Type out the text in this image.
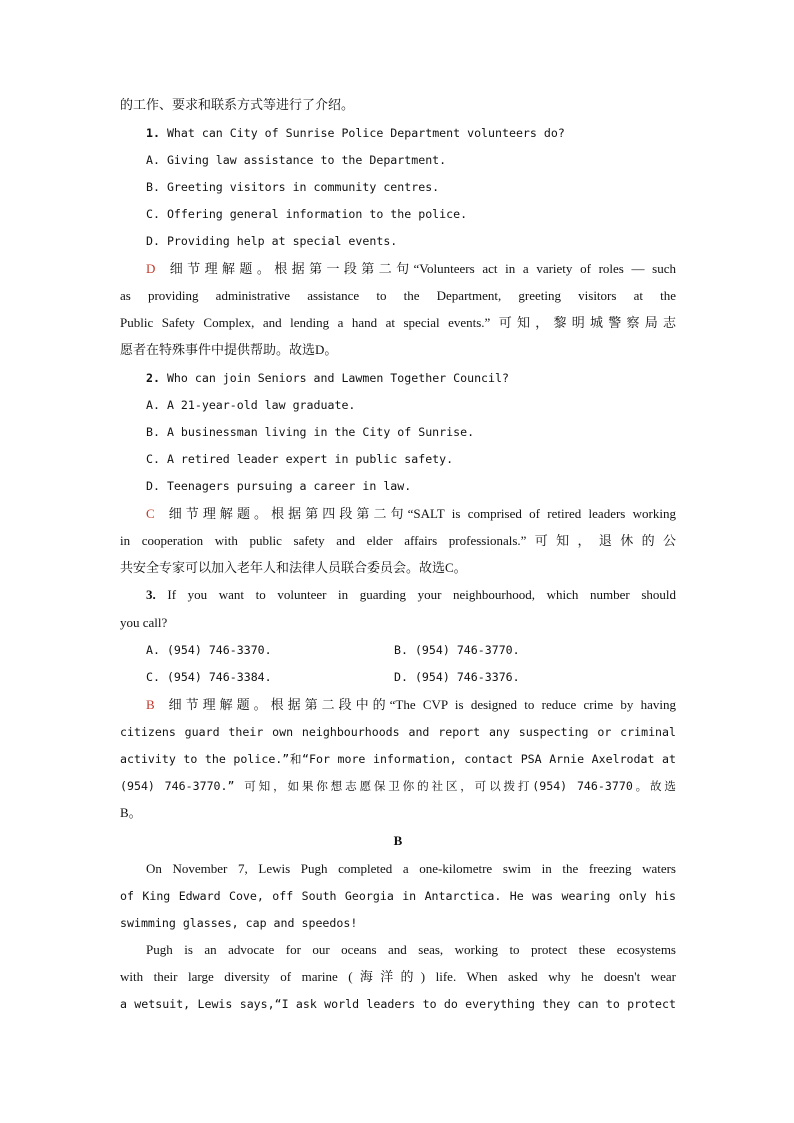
的工作、要求和联系方式等进行了介绍。
1. What can City of Sunrise Police Department volunteers do?
A. Giving law assistance to the Department.
B. Greeting visitors in community centres.
C. Offering general information to the police.
D. Providing help at special events.
D 细节理解题。根据第一段第二句“Volunteers act in a variety of roles — such
as providing administrative assistance to the Department, greeting visitors at the
Public Safety Complex, and lending a hand at special events.” 可知，黎明城警察局志
愿者在特殊事件中提供帮助。故选D。
2. Who can join Seniors and Lawmen Together Council?
A. A 21-year-old law graduate.
B. A businessman living in the City of Sunrise.
C. A retired leader expert in public safety.
D. Teenagers pursuing a career in law.
C 细节理解题。根据第四段第二句“SALT is comprised of retired leaders working
in cooperation with public safety and elder affairs professionals.”可知，退休的公
共安全专家可以加入老年人和法律人员联合委员会。故选C。
3. If you want to volunteer in guarding your neighbourhood, which number should
you call?
A. (954) 746-3370.	B. (954) 746-3770.
C. (954) 746-3384.	D. (954) 746-3376.
B 细节理解题。根据第二段中的“The CVP is designed to reduce crime by having
citizens guard their own neighbourhoods and report any suspecting or criminal
activity to the police.”和“For more information, contact PSA Arnie Axelrodat at
(954) 746-3770.” 可知，如果你想志愿保卫你的社区，可以拨打(954) 746-3770。故选
B。
B
On November 7, Lewis Pugh completed a one-kilometre swim in the freezing waters
of King Edward Cove, off South Georgia in Antarctica. He was wearing only his
swimming glasses, cap and speedos!
Pugh is an advocate for our oceans and seas, working to protect these ecosystems
with their large diversity of marine (海洋的) life. When asked why he doesn't wear
a wetsuit, Lewis says,“I ask world leaders to do everything they can to protect
